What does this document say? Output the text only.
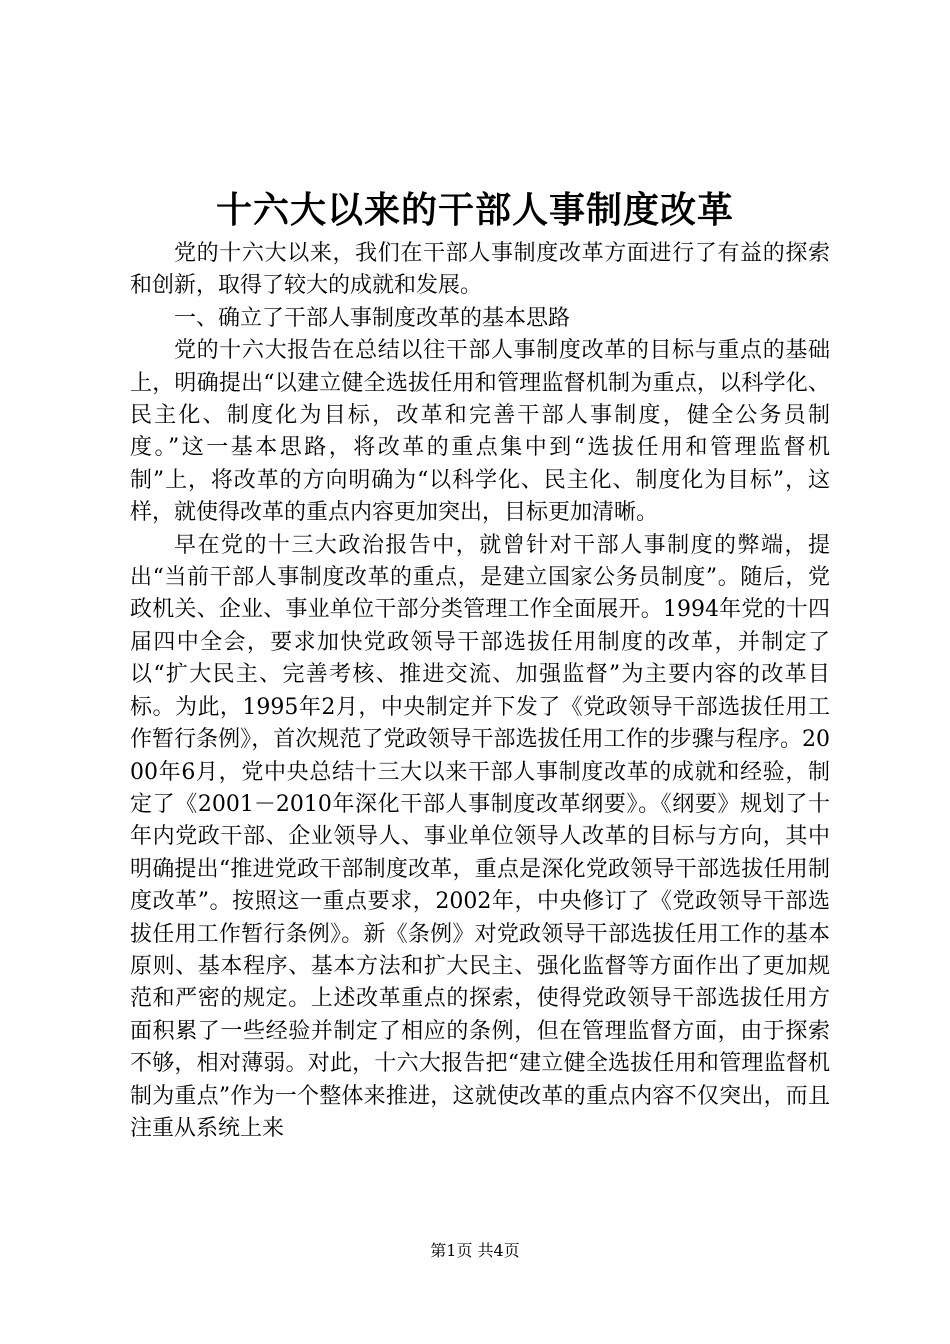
十六大以来的干部人事制度改革

党的十六大以来，我们在干部人事制度改革方面进行了有益的探索和创新，取得了较大的成就和发展。

一、确立了干部人事制度改革的基本思路

党的十六大报告在总结以往干部人事制度改革的目标与重点的基础上，明确提出“以建立健全选拔任用和管理监督机制为重点，以科学化、民主化、制度化为目标，改革和完善干部人事制度，健全公务员制度。”这一基本思路，将改革的重点集中到“选拔任用和管理监督机制”上，将改革的方向明确为“以科学化、民主化、制度化为目标”，这样，就使得改革的重点内容更加突出，目标更加清晰。

早在党的十三大政治报告中，就曾针对干部人事制度的弊端，提出“当前干部人事制度改革的重点，是建立国家公务员制度”。随后，党政机关、企业、事业单位干部分类管理工作全面展开。1994年党的十四届四中全会，要求加快党政领导干部选拔任用制度的改革，并制定了以“扩大民主、完善考核、推进交流、加强监督”为主要内容的改革目标。为此，1995年2月，中央制定并下发了《党政领导干部选拔任用工作暂行条例》，首次规范了党政领导干部选拔任用工作的步骤与程序。2000年6月，党中央总结十三大以来干部人事制度改革的成就和经验，制定了《2001－2010年深化干部人事制度改革纲要》。《纲要》规划了十年内党政干部、企业领导人、事业单位领导人改革的目标与方向，其中明确提出“推进党政干部制度改革，重点是深化党政领导干部选拔任用制度改革”。按照这一重点要求，2002年，中央修订了《党政领导干部选拔任用工作暂行条例》。新《条例》对党政领导干部选拔任用工作的基本原则、基本程序、基本方法和扩大民主、强化监督等方面作出了更加规范和严密的规定。上述改革重点的探索，使得党政领导干部选拔任用方面积累了一些经验并制定了相应的条例，但在管理监督方面，由于探索不够，相对薄弱。对此，十六大报告把“建立健全选拔任用和管理监督机制为重点”作为一个整体来推进，这就使改革的重点内容不仅突出，而且注重从系统上来

第1页 共4页
